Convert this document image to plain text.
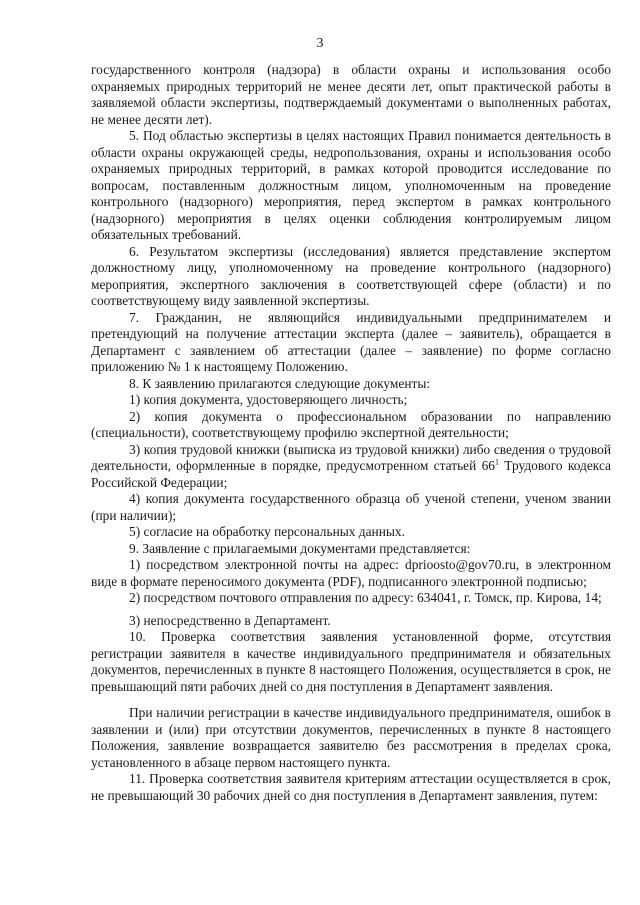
3

государственного контроля (надзора) в области охраны и использования особо охраняемых природных территорий не менее десяти лет, опыт практической работы в заявляемой области экспертизы, подтверждаемый документами о выполненных работах, не менее десяти лет).

5. Под областью экспертизы в целях настоящих Правил понимается деятельность в области охраны окружающей среды, недропользования, охраны и использования особо охраняемых природных территорий, в рамках которой проводится исследование по вопросам, поставленным должностным лицом, уполномоченным на проведение контрольного (надзорного) мероприятия, перед экспертом в рамках контрольного (надзорного) мероприятия в целях оценки соблюдения контролируемым лицом обязательных требований.

6. Результатом экспертизы (исследования) является представление экспертом должностному лицу, уполномоченному на проведение контрольного (надзорного) мероприятия, экспертного заключения в соответствующей сфере (области) и по соответствующему виду заявленной экспертизы.

7. Гражданин, не являющийся индивидуальными предпринимателем и претендующий на получение аттестации эксперта (далее – заявитель), обращается в Департамент с заявлением об аттестации (далее – заявление) по форме согласно приложению № 1 к настоящему Положению.

8. К заявлению прилагаются следующие документы:

1) копия документа, удостоверяющего личность;

2) копия документа о профессиональном образовании по направлению (специальности), соответствующему профилю экспертной деятельности;

3) копия трудовой книжки (выписка из трудовой книжки) либо сведения о трудовой деятельности, оформленные в порядке, предусмотренном статьей $66^1$ Трудового кодекса Российской Федерации;

4) копия документа государственного образца об ученой степени, ученом звании (при наличии);

5) согласие на обработку персональных данных.

9. Заявление с прилагаемыми документами представляется:

1) посредством электронной почты на адрес: dprioosto@gov70.ru, в электронном виде в формате переносимого документа (PDF), подписанного электронной подписью;

2) посредством почтового отправления по адресу: 634041, г. Томск, пр. Кирова, 14;

3) непосредственно в Департамент.

10. Проверка соответствия заявления установленной форме, отсутствия регистрации заявителя в качестве индивидуального предпринимателя и обязательных документов, перечисленных в пункте 8 настоящего Положения, осуществляется в срок, не превышающий пяти рабочих дней со дня поступления в Департамент заявления.

При наличии регистрации в качестве индивидуального предпринимателя, ошибок в заявлении и (или) при отсутствии документов, перечисленных в пункте 8 настоящего Положения, заявление возвращается заявителю без рассмотрения в пределах срока, установленного в абзаце первом настоящего пункта.

11. Проверка соответствия заявителя критериям аттестации осуществляется в срок, не превышающий 30 рабочих дней со дня поступления в Департамент заявления, путем:
